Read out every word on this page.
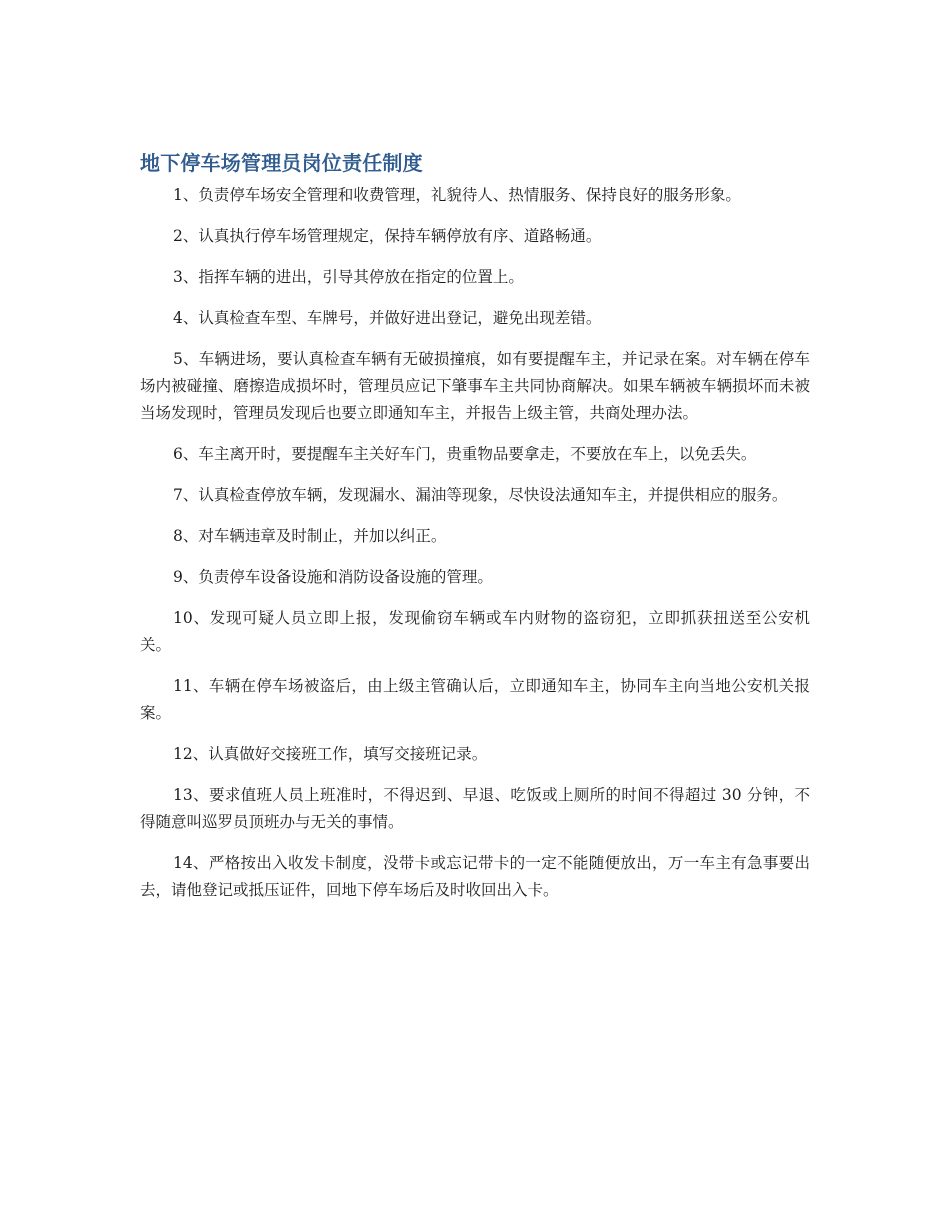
地下停车场管理员岗位责任制度

1、负责停车场安全管理和收费管理，礼貌待人、热情服务、保持良好的服务形象。

2、认真执行停车场管理规定，保持车辆停放有序、道路畅通。

3、指挥车辆的进出，引导其停放在指定的位置上。

4、认真检查车型、车牌号，并做好进出登记，避免出现差错。

5、车辆进场，要认真检查车辆有无破损撞痕，如有要提醒车主，并记录在案。对车辆在停车场内被碰撞、磨擦造成损坏时，管理员应记下肇事车主共同协商解决。如果车辆被车辆损坏而未被当场发现时，管理员发现后也要立即通知车主，并报告上级主管，共商处理办法。

6、车主离开时，要提醒车主关好车门，贵重物品要拿走，不要放在车上，以免丢失。

7、认真检查停放车辆，发现漏水、漏油等现象，尽快设法通知车主，并提供相应的服务。

8、对车辆违章及时制止，并加以纠正。

9、负责停车设备设施和消防设备设施的管理。

10、发现可疑人员立即上报，发现偷窃车辆或车内财物的盗窃犯，立即抓获扭送至公安机关。

11、车辆在停车场被盗后，由上级主管确认后，立即通知车主，协同车主向当地公安机关报案。

12、认真做好交接班工作，填写交接班记录。

13、要求值班人员上班准时，不得迟到、早退、吃饭或上厕所的时间不得超过 30 分钟，不得随意叫巡罗员顶班办与无关的事情。

14、严格按出入收发卡制度，没带卡或忘记带卡的一定不能随便放出，万一车主有急事要出去，请他登记或抵压证件，回地下停车场后及时收回出入卡。
